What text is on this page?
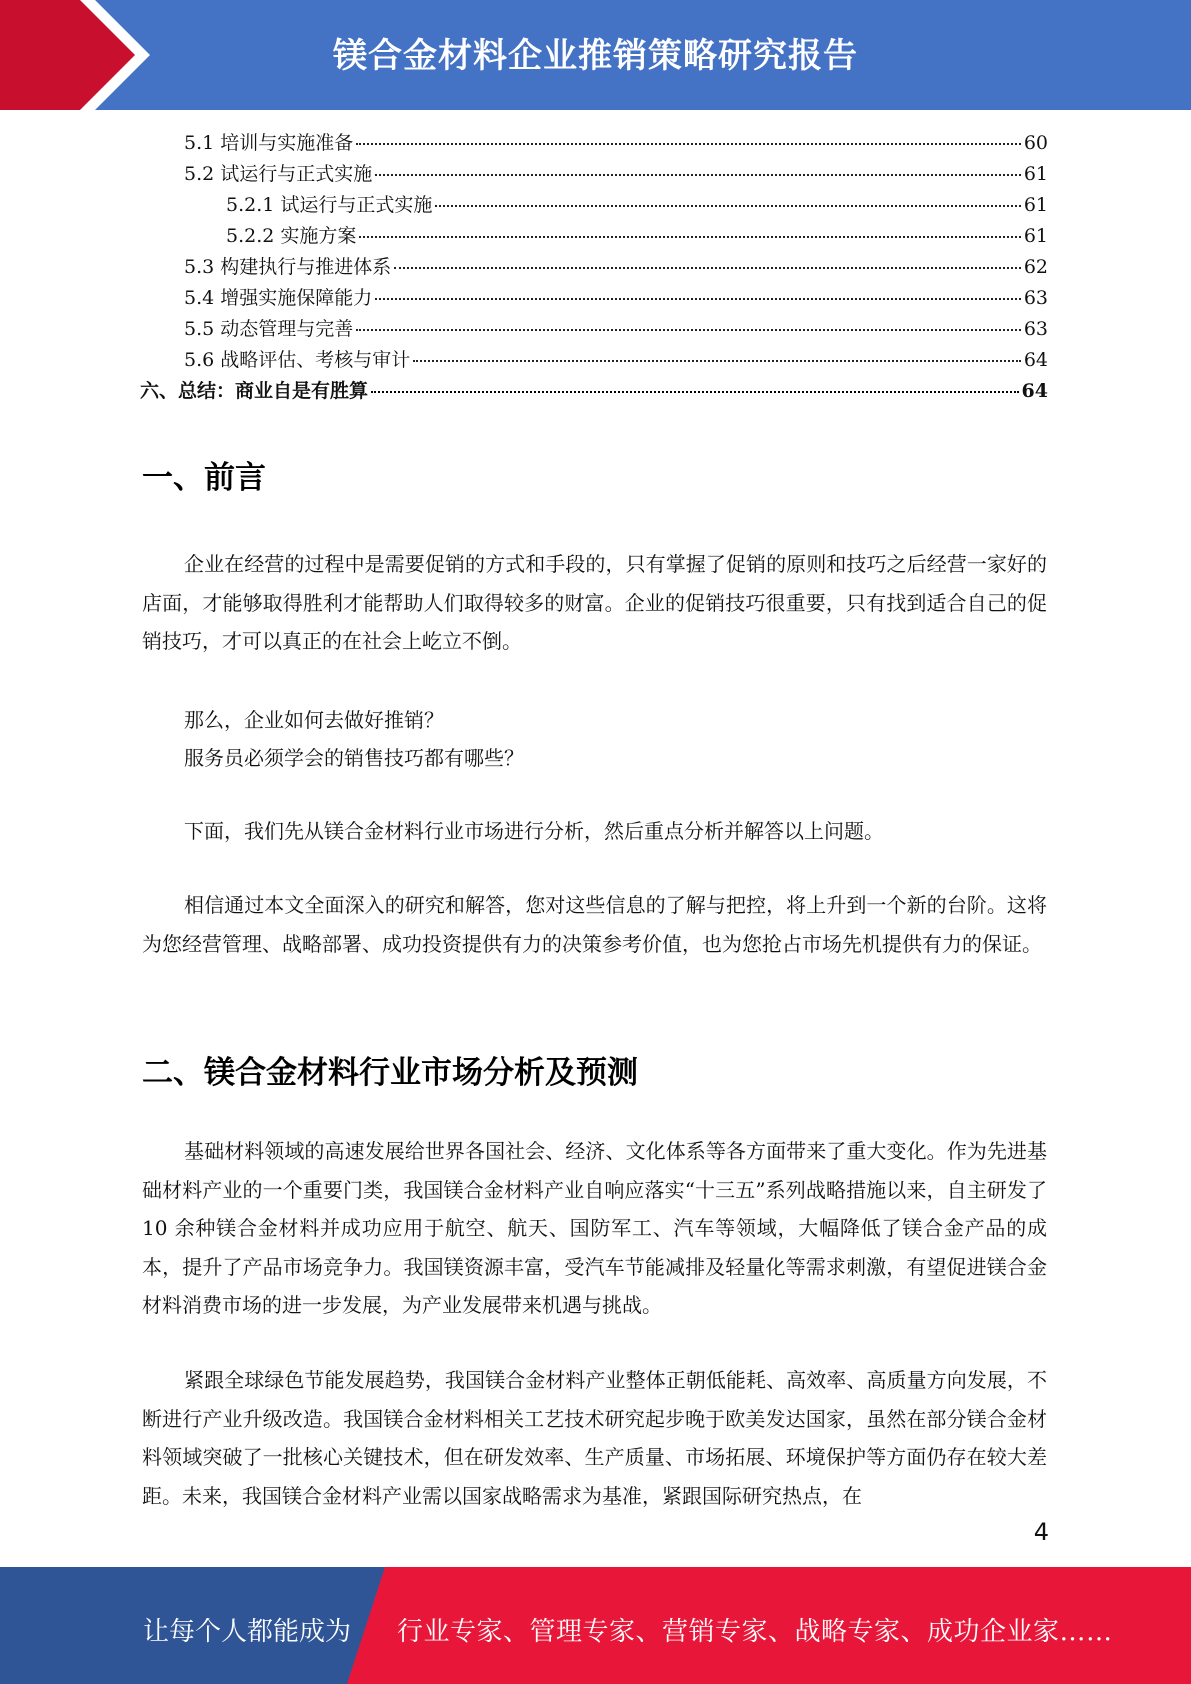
镁合金材料企业推销策略研究报告
5.1 培训与实施准备	60
5.2 试运行与正式实施	61
5.2.1 试运行与正式实施	61
5.2.2 实施方案	61
5.3 构建执行与推进体系	62
5.4 增强实施保障能力	63
5.5 动态管理与完善	63
5.6 战略评估、考核与审计	64
六、总结：商业自是有胜算	64
一、前言
企业在经营的过程中是需要促销的方式和手段的，只有掌握了促销的原则和技巧之后经营一家好的店面，才能够取得胜利才能帮助人们取得较多的财富。企业的促销技巧很重要，只有找到适合自己的促销技巧，才可以真正的在社会上屹立不倒。
那么，企业如何去做好推销？
服务员必须学会的销售技巧都有哪些？
下面，我们先从镁合金材料行业市场进行分析，然后重点分析并解答以上问题。
相信通过本文全面深入的研究和解答，您对这些信息的了解与把控，将上升到一个新的台阶。这将为您经营管理、战略部署、成功投资提供有力的决策参考价值，也为您抢占市场先机提供有力的保证。
二、镁合金材料行业市场分析及预测
基础材料领域的高速发展给世界各国社会、经济、文化体系等各方面带来了重大变化。作为先进基础材料产业的一个重要门类，我国镁合金材料产业自响应落实“十三五”系列战略措施以来，自主研发了 10 余种镁合金材料并成功应用于航空、航天、国防军工、汽车等领域，大幅降低了镁合金产品的成本，提升了产品市场竞争力。我国镁资源丰富，受汽车节能减排及轻量化等需求刺激，有望促进镁合金材料消费市场的进一步发展，为产业发展带来机遇与挑战。
紧跟全球绿色节能发展趋势，我国镁合金材料产业整体正朝低能耗、高效率、高质量方向发展，不断进行产业升级改造。我国镁合金材料相关工艺技术研究起步晚于欧美发达国家，虽然在部分镁合金材料领域突破了一批核心关键技术，但在研发效率、生产质量、市场拓展、环境保护等方面仍存在较大差距。未来，我国镁合金材料产业需以国家战略需求为基准，紧跟国际研究热点，在
4
让每个人都能成为 行业专家、管理专家、营销专家、战略专家、成功企业家……
